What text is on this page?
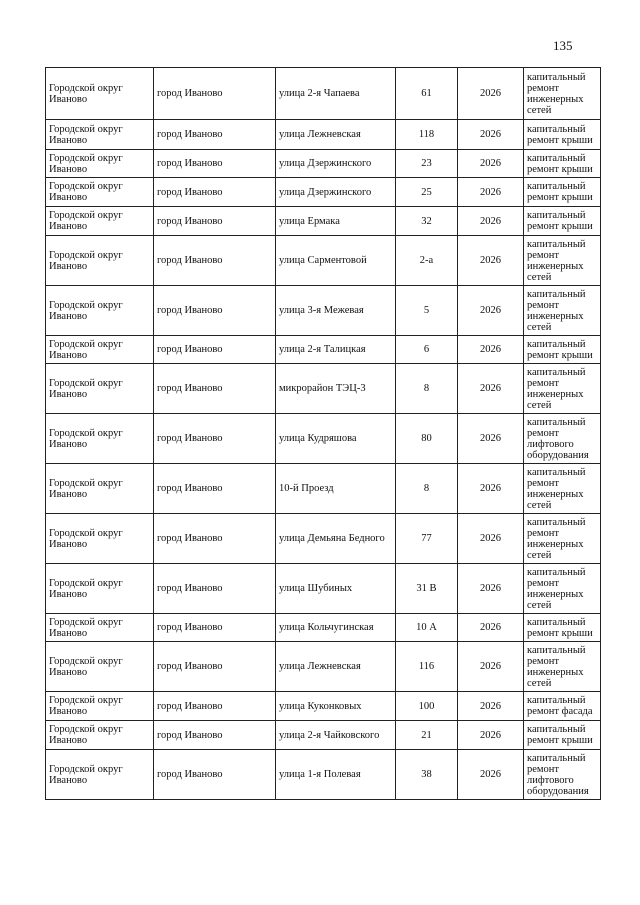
135
Городской округ Иваново	город Иваново	улица 2-я Чапаева	61	2026	капитальный ремонт инженерных сетей
Городской округ Иваново	город Иваново	улица Лежневская	118	2026	капитальный ремонт крыши
Городской округ Иваново	город Иваново	улица Дзержинского	23	2026	капитальный ремонт крыши
Городской округ Иваново	город Иваново	улица Дзержинского	25	2026	капитальный ремонт крыши
Городской округ Иваново	город Иваново	улица Ермака	32	2026	капитальный ремонт крыши
Городской округ Иваново	город Иваново	улица Сарментовой	2-а	2026	капитальный ремонт инженерных сетей
Городской округ Иваново	город Иваново	улица 3-я Межевая	5	2026	капитальный ремонт инженерных сетей
Городской округ Иваново	город Иваново	улица 2-я Талицкая	6	2026	капитальный ремонт крыши
Городской округ Иваново	город Иваново	микрорайон ТЭЦ-3	8	2026	капитальный ремонт инженерных сетей
Городской округ Иваново	город Иваново	улица Кудряшова	80	2026	капитальный ремонт лифтового оборудования
Городской округ Иваново	город Иваново	10-й Проезд	8	2026	капитальный ремонт инженерных сетей
Городской округ Иваново	город Иваново	улица Демьяна Бедного	77	2026	капитальный ремонт инженерных сетей
Городской округ Иваново	город Иваново	улица Шубиных	31 В	2026	капитальный ремонт инженерных сетей
Городской округ Иваново	город Иваново	улица Кольчугинская	10 А	2026	капитальный ремонт крыши
Городской округ Иваново	город Иваново	улица Лежневская	116	2026	капитальный ремонт инженерных сетей
Городской округ Иваново	город Иваново	улица Куконковых	100	2026	капитальный ремонт фасада
Городской округ Иваново	город Иваново	улица 2-я Чайковского	21	2026	капитальный ремонт крыши
Городской округ Иваново	город Иваново	улица 1-я Полевая	38	2026	капитальный ремонт лифтового оборудования
